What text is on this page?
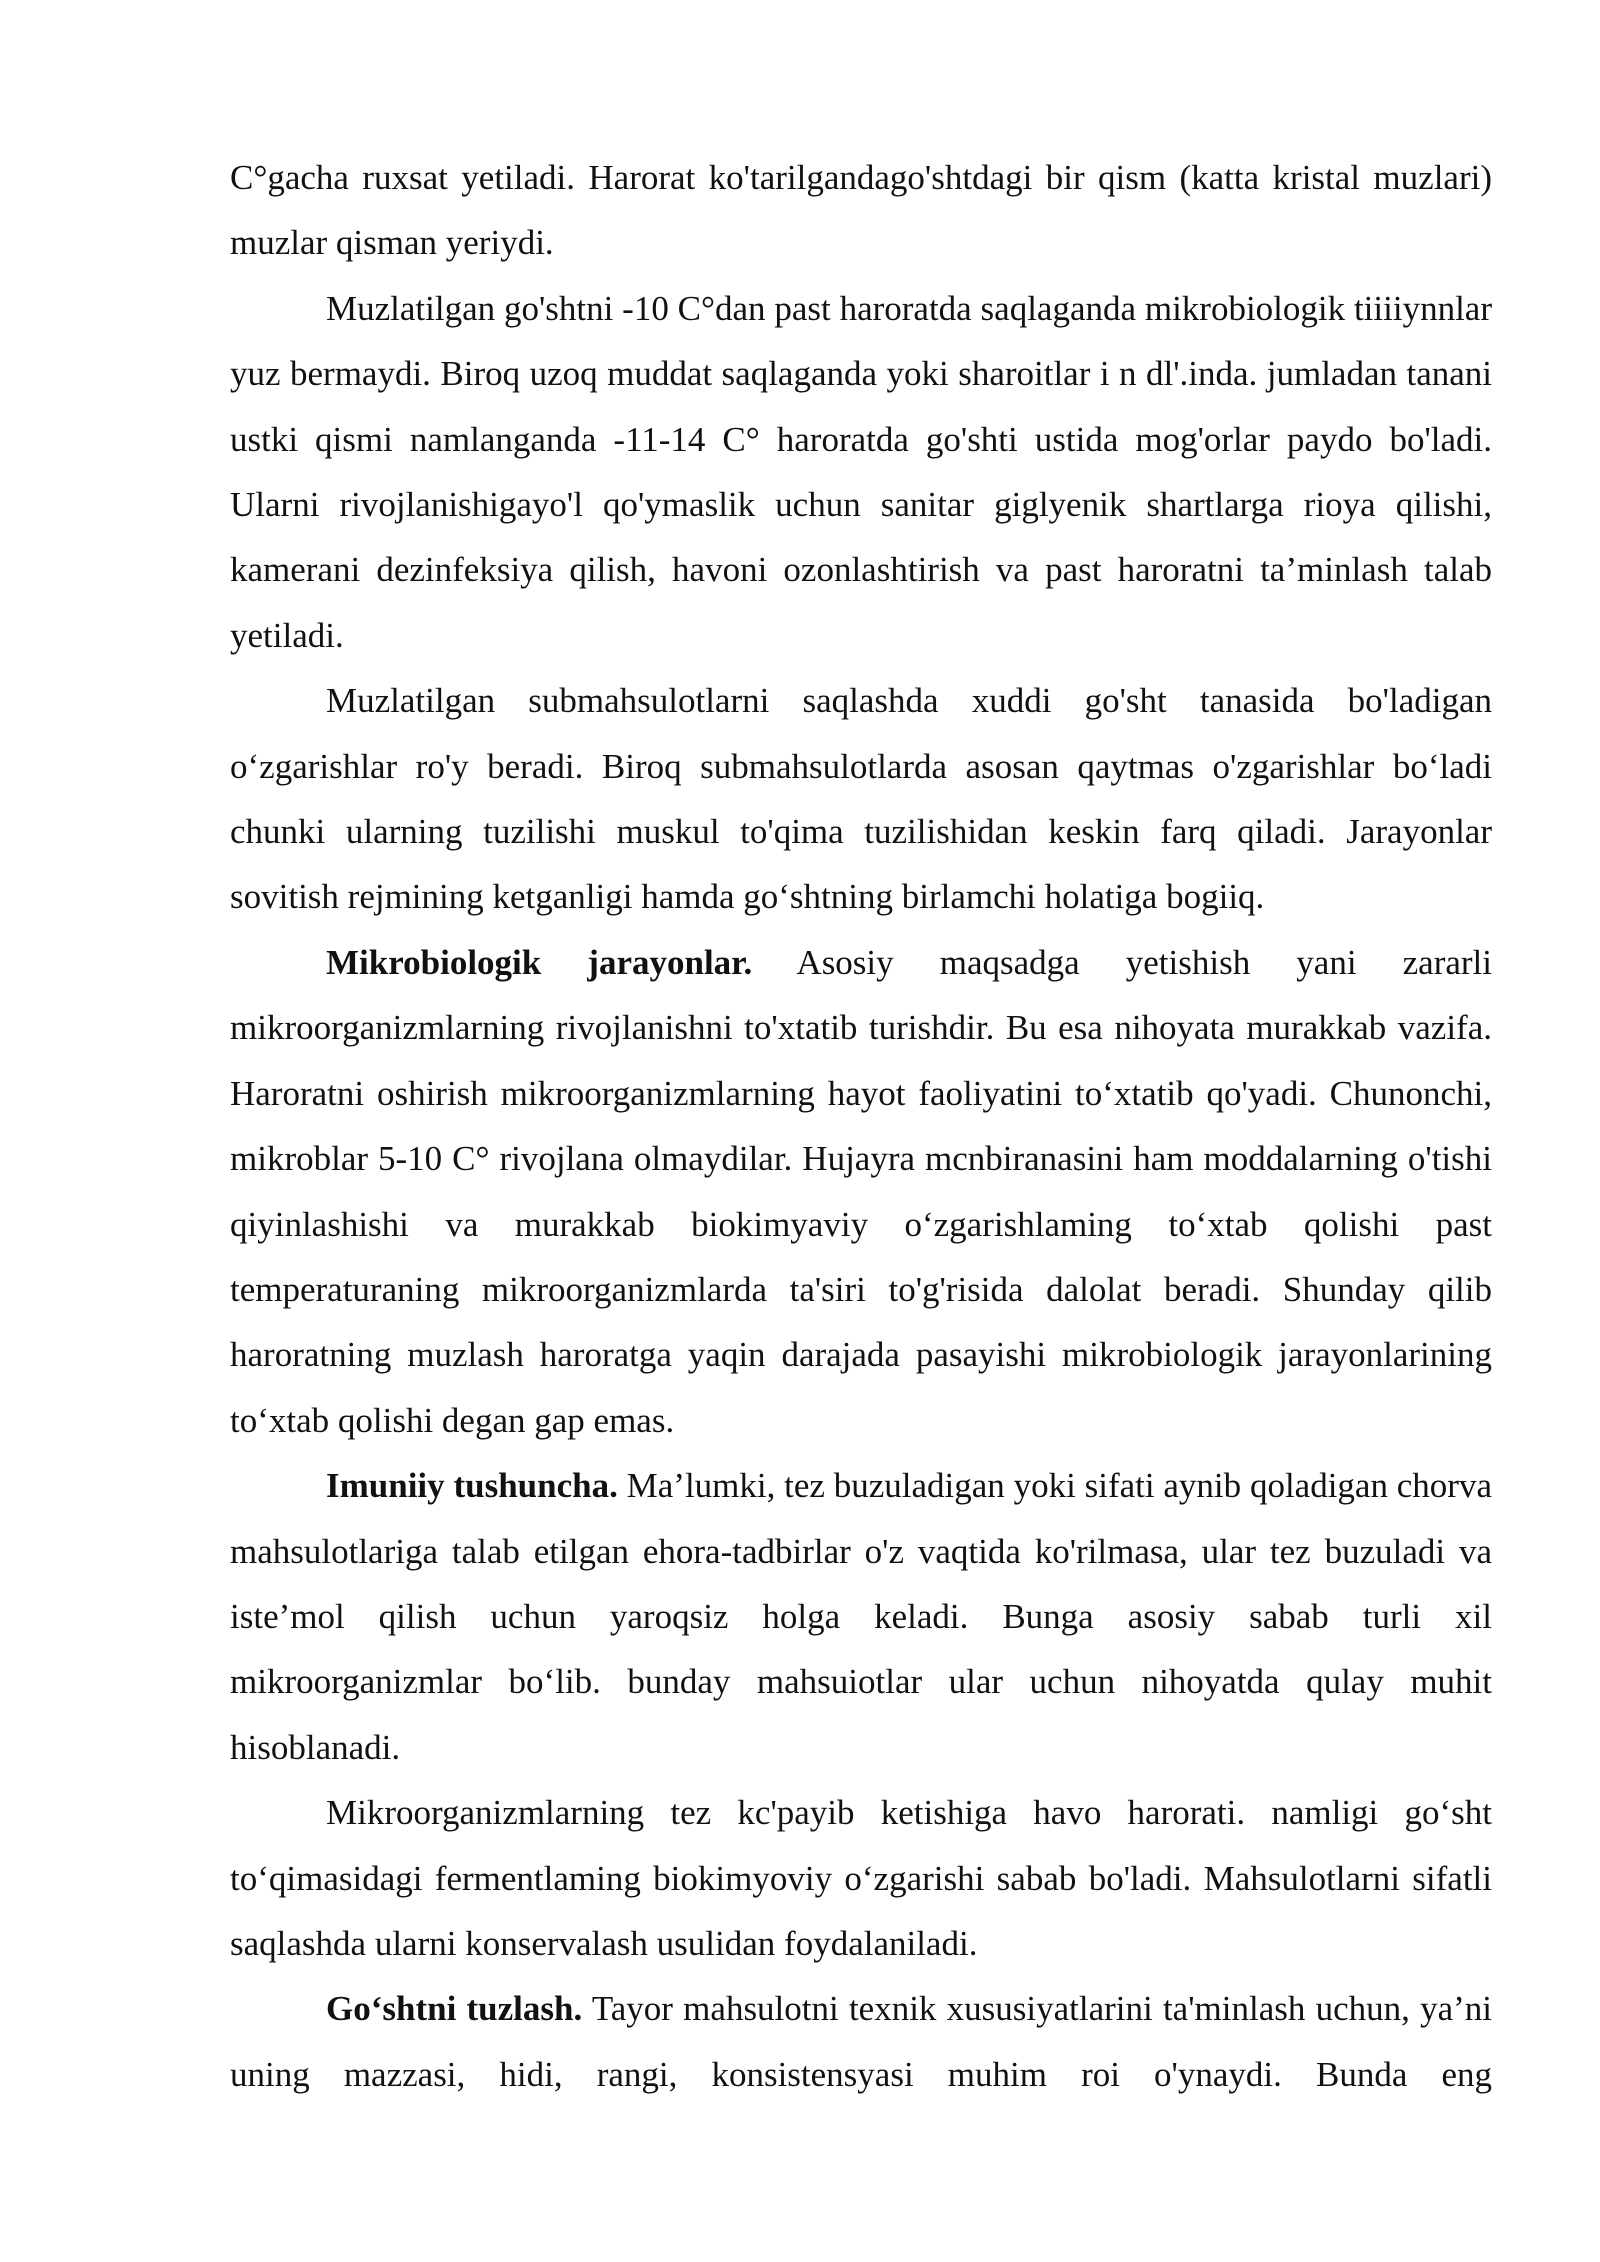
C°gacha ruxsat yetiladi. Harorat ko'tarilgandago'shtdagi bir qism (katta kristal muzlari) muzlar qisman yeriydi.

Muzlatilgan go'shtni -10 C°dan past haroratda saqlaganda mikrobiologik tiiiiynnlar yuz bermaydi. Biroq uzoq muddat saqlaganda yoki sharoitlar i n dl'.inda. jumladan tanani ustki qismi namlanganda -11-14 C° haroratda go'shti ustida mog'orlar paydo bo'ladi. Ularni rivojlanishigayo'l qo'ymaslik uchun sanitar giglyenik shartlarga rioya qilishi, kamerani dezinfeksiya qilish, havoni ozonlashtirish va past haroratni ta’minlash talab yetiladi.

Muzlatilgan submahsulotlarni saqlashda xuddi go'sht tanasida bo'ladigan o‘zgarishlar ro'y beradi. Biroq submahsulotlarda asosan qaytmas o'zgarishlar bo‘ladi chunki ularning tuzilishi muskul to'qima tuzilishidan keskin farq qiladi. Jarayonlar sovitish rejmining ketganligi hamda go‘shtning birlamchi holatiga bogiiq.

Mikrobiologik jarayonlar. Asosiy maqsadga yetishish yani zararli mikroorganizmlarning rivojlanishni to'xtatib turishdir. Bu esa nihoyata murakkab vazifa. Haroratni oshirish mikroorganizmlarning hayot faoliyatini to‘xtatib qo'yadi. Chunonchi, mikroblar 5-10 C° rivojlana olmaydilar. Hujayra mcnbiranasini ham moddalarning o'tishi qiyinlashishi va murakkab biokimyaviy o‘zgarishlaming to‘xtab qolishi past temperaturaning mikroorganizmlarda ta'siri to'g'risida dalolat beradi. Shunday qilib haroratning muzlash haroratga yaqin darajada pasayishi mikrobiologik jarayonlarining to‘xtab qolishi degan gap emas.

Imuniiy tushuncha. Ma’lumki, tez buzuladigan yoki sifati aynib qoladigan chorva mahsulotlariga talab etilgan ehora-tadbirlar o'z vaqtida ko'rilmasa, ular tez buzuladi va iste’mol qilish uchun yaroqsiz holga keladi. Bunga asosiy sabab turli xil mikroorganizmlar bo‘lib. bunday mahsuiotlar ular uchun nihoyatda qulay muhit hisoblanadi.

Mikroorganizmlarning tez kc'payib ketishiga havo harorati. namligi go‘sht to‘qimasidagi fermentlaming biokimyoviy o‘zgarishi sabab bo'ladi. Mahsulotlarni sifatli saqlashda ularni konservalash usulidan foydalaniladi.

Go‘shtni tuzlash. Tayor mahsulotni texnik xususiyatlarini ta'minlash uchun, ya’ni uning mazzasi, hidi, rangi, konsistensyasi muhim roi o'ynaydi. Bunda eng
